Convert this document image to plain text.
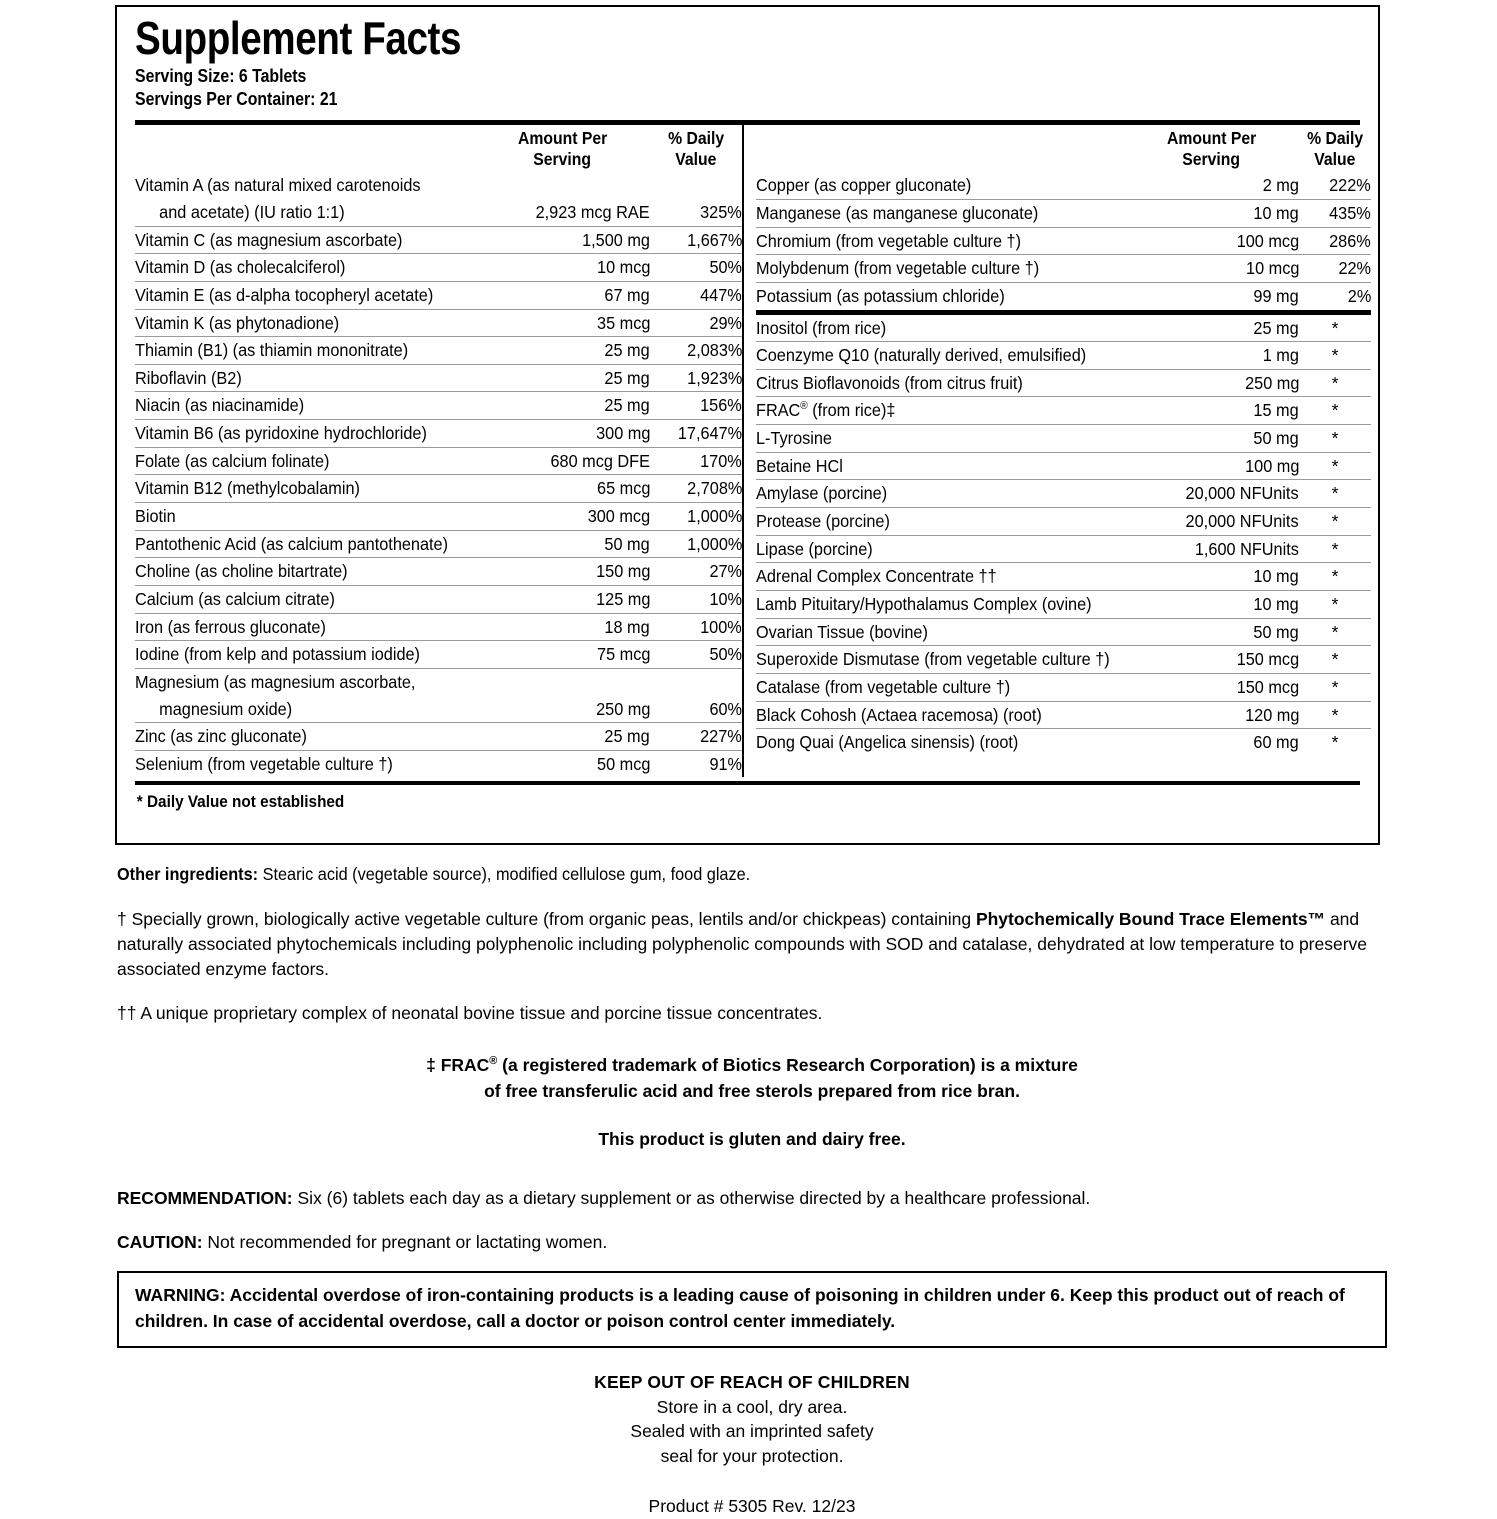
Supplement Facts
Serving Size: 6 Tablets
Servings Per Container: 21
	Amount Per
Serving	% Daily
Value
Vitamin A (as natural mixed carotenoids		
and acetate) (IU ratio 1:1)	2,923 mcg RAE	325%
Vitamin C (as magnesium ascorbate)	1,500 mg	1,667%
Vitamin D (as cholecalciferol)	10 mcg	50%
Vitamin E (as d-alpha tocopheryl acetate)	67 mg	447%
Vitamin K (as phytonadione)	35 mcg	29%
Thiamin (B1) (as thiamin mononitrate)	25 mg	2,083%
Riboflavin (B2)	25 mg	1,923%
Niacin (as niacinamide)	25 mg	156%
Vitamin B6 (as pyridoxine hydrochloride)	300 mg	17,647%
Folate (as calcium folinate)	680 mcg DFE	170%
Vitamin B12 (methylcobalamin)	65 mcg	2,708%
Biotin	300 mcg	1,000%
Pantothenic Acid (as calcium pantothenate)	50 mg	1,000%
Choline (as choline bitartrate)	150 mg	27%
Calcium (as calcium citrate)	125 mg	10%
Iron (as ferrous gluconate)	18 mg	100%
Iodine (from kelp and potassium iodide)	75 mcg	50%
Magnesium (as magnesium ascorbate,		
magnesium oxide)	250 mg	60%
Zinc (as zinc gluconate)	25 mg	227%
Selenium (from vegetable culture †)	50 mcg	91%
	Amount Per
Serving	% Daily
Value
Copper (as copper gluconate)	2 mg	222%
Manganese (as manganese gluconate)	10 mg	435%
Chromium (from vegetable culture †)	100 mcg	286%
Molybdenum (from vegetable culture †)	10 mcg	22%
Potassium (as potassium chloride)	99 mg	2%

Inositol (from rice)	25 mg	*
Coenzyme Q10 (naturally derived, emulsified)	1 mg	*
Citrus Bioflavonoids (from citrus fruit)	250 mg	*
FRAC® (from rice)‡	15 mg	*
L-Tyrosine	50 mg	*
Betaine HCl	100 mg	*
Amylase (porcine)	20,000 NFUnits	*
Protease (porcine)	20,000 NFUnits	*
Lipase (porcine)	1,600 NFUnits	*
Adrenal Complex Concentrate ††	10 mg	*
Lamb Pituitary/Hypothalamus Complex (ovine)	10 mg	*
Ovarian Tissue (bovine)	50 mg	*
Superoxide Dismutase (from vegetable culture †)	150 mcg	*
Catalase (from vegetable culture †)	150 mcg	*
Black Cohosh (Actaea racemosa) (root)	120 mg	*
Dong Quai (Angelica sinensis) (root)	60 mg	*
* Daily Value not established

Other ingredients: Stearic acid (vegetable source), modified cellulose gum, food glaze.

† Specially grown, biologically active vegetable culture (from organic peas, lentils and/or chickpeas) containing Phytochemically Bound Trace Elements™ and naturally associated phytochemicals including polyphenolic including polyphenolic compounds with SOD and catalase, dehydrated at low temperature to preserve associated enzyme factors.

†† A unique proprietary complex of neonatal bovine tissue and porcine tissue concentrates.

‡ FRAC® (a registered trademark of Biotics Research Corporation) is a mixture
of free transferulic acid and free sterols prepared from rice bran.
This product is gluten and dairy free.

RECOMMENDATION: Six (6) tablets each day as a dietary supplement or as otherwise directed by a healthcare professional.

CAUTION: Not recommended for pregnant or lactating women.

WARNING: Accidental overdose of iron-containing products is a leading cause of poisoning in children under 6. Keep this product out of reach of children. In case of accidental overdose, call a doctor or poison control center immediately.

KEEP OUT OF REACH OF CHILDREN
Store in a cool, dry area.
Sealed with an imprinted safety
seal for your protection.
Product # 5305 Rev. 12/23
